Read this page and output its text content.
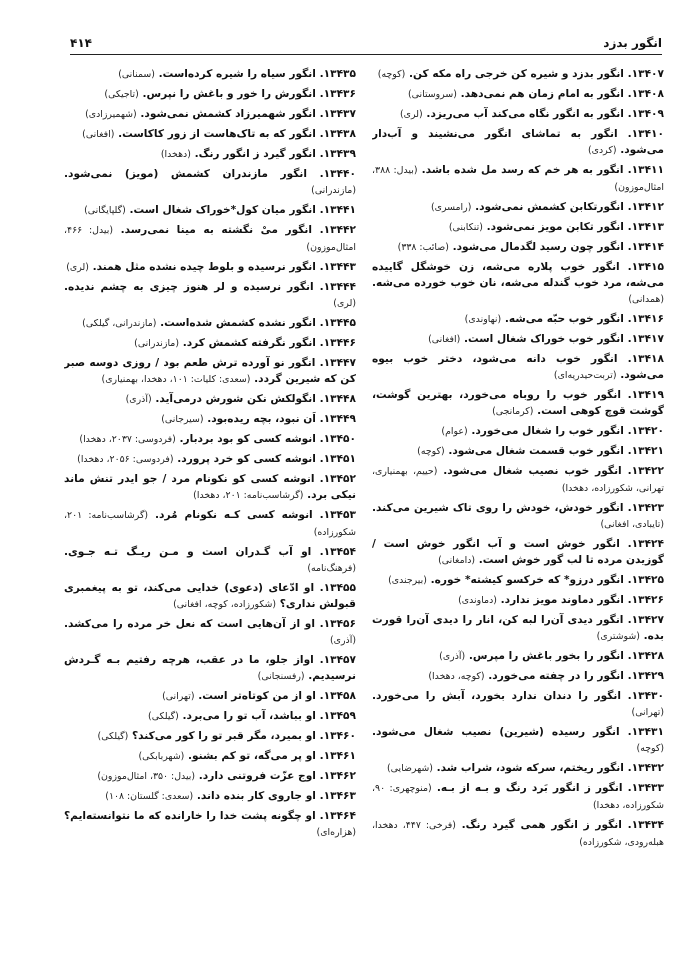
انگور بدزد
۴۱۴
۱۳۴۰۷.انگور بدزد و شیره کن خرجی راه مکه کن.( کوچه )
۱۳۴۰۸.انگور به امام زمان هم نمی‌دهد.( سروستانی )
۱۳۴۰۹.انگور به انگور نگاه می‌کند آب می‌ریزد.( لری )
۱۳۴۱۰.انگور به تماشای انگور می‌نشیند و آب‌دار می‌شود.( کردی )
۱۳۴۱۱.انگور به هر خم که رسد مل شده باشد.( بیدل: ۳۸۸، امثال‌موزون )
۱۳۴۱۲.انگورتکابن کشمش نمی‌شود.( رامسری )
۱۳۴۱۳.انگور تکابن مویز نمی‌شود.( تنکابنی )
۱۳۴۱۴.انگور چون رسید لگدمال می‌شود.( صائب: ۳۳۸ )
۱۳۴۱۵.انگور خوب پلاره می‌شه، زن خوشگل گاییده می‌شه، مرد خوب گندله می‌شه، نان خوب خورده می‌شه.( همدانی )
۱۳۴۱۶.انگور خوب حبّه می‌شه.( نهاوندی )
۱۳۴۱۷.انگور خوب خوراک شغال است.( افغانی )
۱۳۴۱۸.انگور خوب دانه می‌شود، دختر خوب بیوه می‌شود.( تربت‌حیدریه‌ای )
۱۳۴۱۹.انگور خوب را روباه می‌خورد، بهترین گوشت، گوشت قوچ کوهی است.( کرمانجی )
۱۳۴۲۰.انگور خوب را شغال می‌خورد.( عوام )
۱۳۴۲۱.انگور خوب قسمت شغال می‌شود.( کوچه )
۱۳۴۲۲.انگور خوب نصیب شغال می‌شود.( حییم، بهمنیاری، تهرانی، شکورزاده، دهخدا )
۱۳۴۲۳.انگور خودش، خودش را روی تاک شیرین می‌کند.( تایبادی، افغانی )
۱۳۴۲۴.انگور خوش است و آب انگور خوش است / گوزیدن مرده تا لب گور خوش است.( دامغانی )
۱۳۴۲۵.انگور درزو* که خرکسو کیشته* خوره.( بیرجندی )
۱۳۴۲۶.انگور دماوند مویز ندارد.( دماوندی )
۱۳۴۲۷.انگور دیدی آن‌را لبه کن، انار را دیدی آن‌را قورت بده.( شوشتری )
۱۳۴۲۸.انگور را بخور باغش را مپرس.( آذری )
۱۳۴۲۹.انگور را در چفته می‌خورد.( کوچه، دهخدا )
۱۳۴۳۰.انگور را دندان ندارد بخورد، آبش را می‌خورد.( تهرانی )
۱۳۴۳۱.انگور رسیده (شیرین) نصیب شغال می‌شود.( کوچه )
۱۳۴۳۲.انگور ریختم، سرکه شود، شراب شد.( شهرضایی )
۱۳۴۳۳.انگور ز انگور بَرد رنگ و بـه از بـه.( منوچهری: ۹۰، شکورزاده، دهخدا )
۱۳۴۳۴.انگور ز انگور همی گیرد رنگ.( فرخی: ۴۴۷، دهخدا، هبله‌رودی، شکورزاده )
۱۳۴۳۵.انگور سیاه را شیره کرده‌است.( سمنانی )
۱۳۴۳۶.انگورش را خور و باغش را نپرس.( تاجیکی )
۱۳۴۳۷.انگور شهمیرزاد کشمش نمی‌شود.( شهمیرزادی )
۱۳۴۳۸.انگور که به تاک‌هاست از زور کاکاست.( افغانی )
۱۳۴۳۹.انگور گیرد ز انگور رنگ.( دهخدا )
۱۳۴۴۰.انگور مازندران کشمش (مویز) نمی‌شود.( مازندرانی )
۱۳۴۴۱.انگور میان کول*خوراک شغال است.( گلپایگانی )
۱۳۴۴۲.انگور میْ نگشته به مینا نمی‌رسد.( بیدل: ۴۶۶، امثال‌موزون )
۱۳۴۴۳.انگور نرسیده و بلوط چیده نشده مثل همند.( لری )
۱۳۴۴۴.انگور نرسیده و لر هنوز چیزی به چشم ندیده.( لری )
۱۳۴۴۵.انگور نشده کشمش شده‌است.( مازندرانی، گیلکی )
۱۳۴۴۶.انگور نگرفته کشمش کرد.( مازندرانی )
۱۳۴۴۷.انگور نو آورده ترش طعم بود / روزی دوسه صبر کن که شیرین گردد.( سعدی: کلیات: ۱۰۱، دهخدا، بهمنیاری )
۱۳۴۴۸.انگولکش نکن شورش درمی‌آید.( آذری )
۱۳۴۴۹.اَن نبود، بچه ریده‌بود.( سیرجانی )
۱۳۴۵۰.انوشه کسی کو بود بردبار.( فردوسی: ۲۰۳۷، دهخدا )
۱۳۴۵۱.انوشه کسی کو خرد پرورد.( فردوسی: ۲۰۵۶، دهخدا )
۱۳۴۵۲.انوشه کسی کو نکونام مرد / جو ایدر تنش ماند نیکی برد.( گرشاسب‌نامه: ۲۰۱، دهخدا )
۱۳۴۵۳.انوشه کسی کـه نکونام مُرد.( گرشاسب‌نامه: ۲۰۱، شکورزاده )
۱۳۴۵۴.او آب گـدران است و مـن ریـگ تـه جـوی.( فرهنگ‌نامه )
۱۳۴۵۵.او ادّعای (دعوی) خدایی می‌کند، تو به پیغمبری قبولش نداری؟( شکورزاده، کوچه، افغانی )
۱۳۴۵۶.او از آن‌هایی است که نعل خر مرده را می‌کشد.( آذری )
۱۳۴۵۷.اواز جلو، ما در عقب، هرچه رفتیم بـه گـردش نرسیدیم.( رفسنجانی )
۱۳۴۵۸.او از من کوتاه‌تر است.( تهرانی )
۱۳۴۵۹.او بباشد، آب تو را می‌برد.( گیلکی )
۱۳۴۶۰.او بمیرد، مگر قبر تو را کور می‌کند؟( گیلکی )
۱۳۴۶۱.او پر می‌گه، تو کم بشنو.( شهربابکی )
۱۳۴۶۲.اوج عزّت فروتنی دارد.( بیدل: ۳۵۰، امثال‌موزون )
۱۳۴۶۳.او جاروی کار بنده داند.( سعدی: گلستان: ۱۰۸ )
۱۳۴۶۴.او چگونه پشت خدا را خارانده که ما نتوانسته‌ایم؟( هزاره‌ای )
